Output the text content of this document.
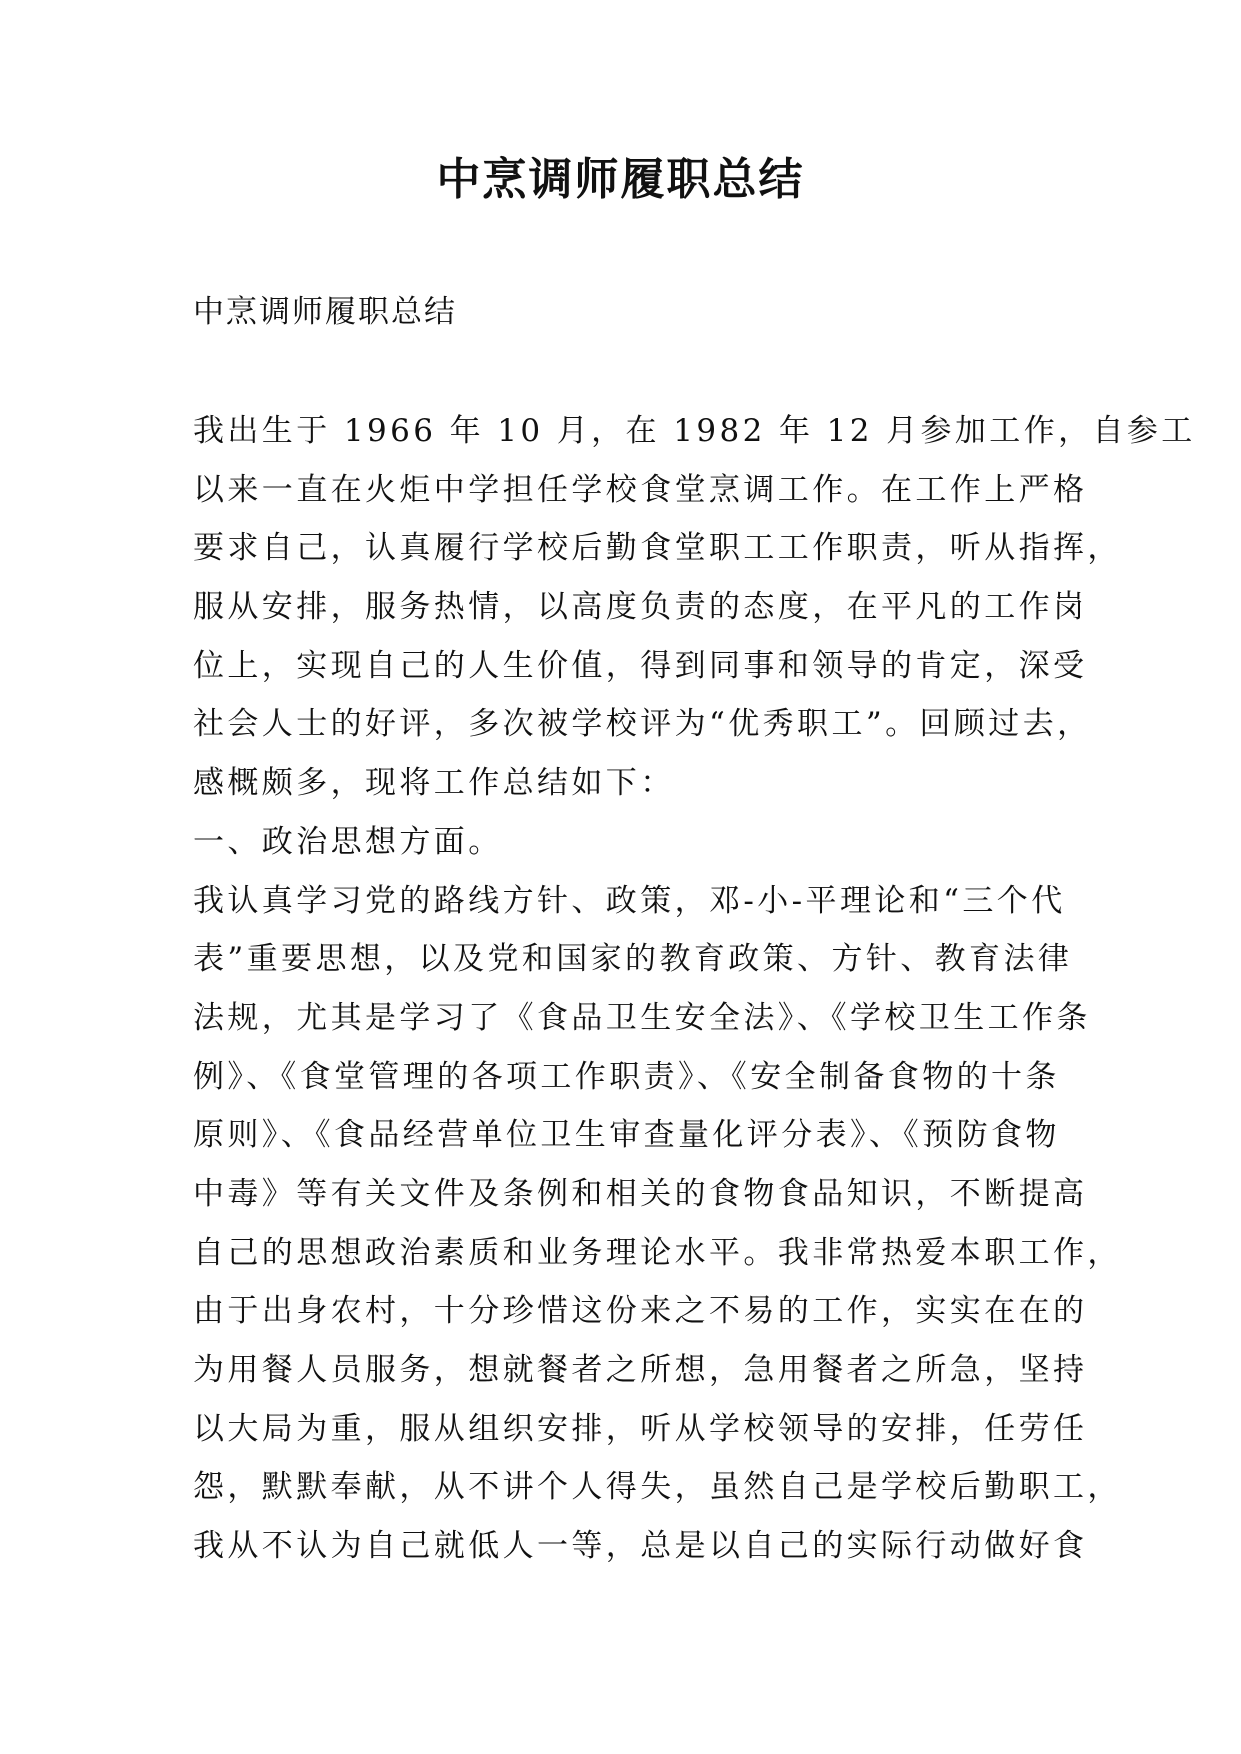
中烹调师履职总结

中烹调师履职总结

我出生于 1966 年 10 月，在 1982 年 12 月参加工作，自参工
以来一直在火炬中学担任学校食堂烹调工作。在工作上严格
要求自己，认真履行学校后勤食堂职工工作职责，听从指挥，
服从安排，服务热情，以高度负责的态度，在平凡的工作岗
位上，实现自己的人生价值，得到同事和领导的肯定，深受
社会人士的好评，多次被学校评为“优秀职工”。回顾过去，
感概颇多，现将工作总结如下：
一、政治思想方面。
我认真学习党的路线方针、政策，邓-小-平理论和“三个代
表”重要思想，以及党和国家的教育政策、方针、教育法律
法规，尤其是学习了《食品卫生安全法》、《学校卫生工作条
例》、《食堂管理的各项工作职责》、《安全制备食物的十条
原则》、《食品经营单位卫生审查量化评分表》、《预防食物
中毒》等有关文件及条例和相关的食物食品知识，不断提高
自己的思想政治素质和业务理论水平。我非常热爱本职工作，
由于出身农村，十分珍惜这份来之不易的工作，实实在在的
为用餐人员服务，想就餐者之所想，急用餐者之所急，坚持
以大局为重，服从组织安排，听从学校领导的安排，任劳任
怨，默默奉献，从不讲个人得失，虽然自己是学校后勤职工，
我从不认为自己就低人一等，总是以自己的实际行动做好食
